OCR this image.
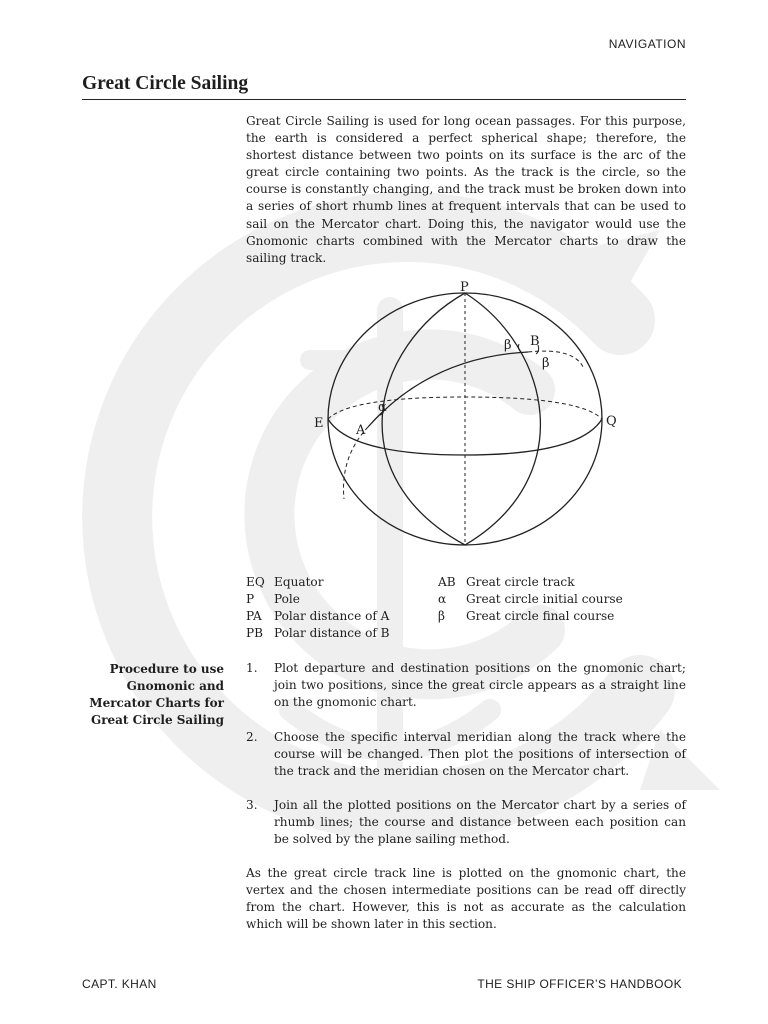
NAVIGATION
Great Circle Sailing

Great Circle Sailing is used for long ocean passages. For this purpose, the earth is considered a perfect spherical shape; therefore, the shortest distance between two points on its surface is the arc of the great circle containing two points. As the track is the circle, so the course is constantly changing, and the track must be broken down into a series of short rhumb lines at frequent intervals that can be used to sail on the Mercator chart. Doing this, the navigator would use the Gnomonic charts combined with the Mercator charts to draw the sailing track.

P
E	Q
A
B
α
β
β
EQ Equator	AB Great circle track
P Pole	α Great circle initial course
PA Polar distance of A	β Great circle final course
PB Polar distance of B
Procedure to use
Gnomonic and
Mercator Charts for
Great Circle Sailing
1. Plot departure and destination positions on the gnomonic chart; join two positions, since the great circle appears as a straight line on the gnomonic chart.
2. Choose the specific interval meridian along the track where the course will be changed. Then plot the positions of intersection of the track and the meridian chosen on the Mercator chart.
3. Join all the plotted positions on the Mercator chart by a series of rhumb lines; the course and distance between each position can be solved by the plane sailing method.

As the great circle track line is plotted on the gnomonic chart, the vertex and the chosen intermediate positions can be read off directly from the chart. However, this is not as accurate as the calculation which will be shown later in this section.

CAPT. KHAN	THE SHIP OFFICER’S HANDBOOK
